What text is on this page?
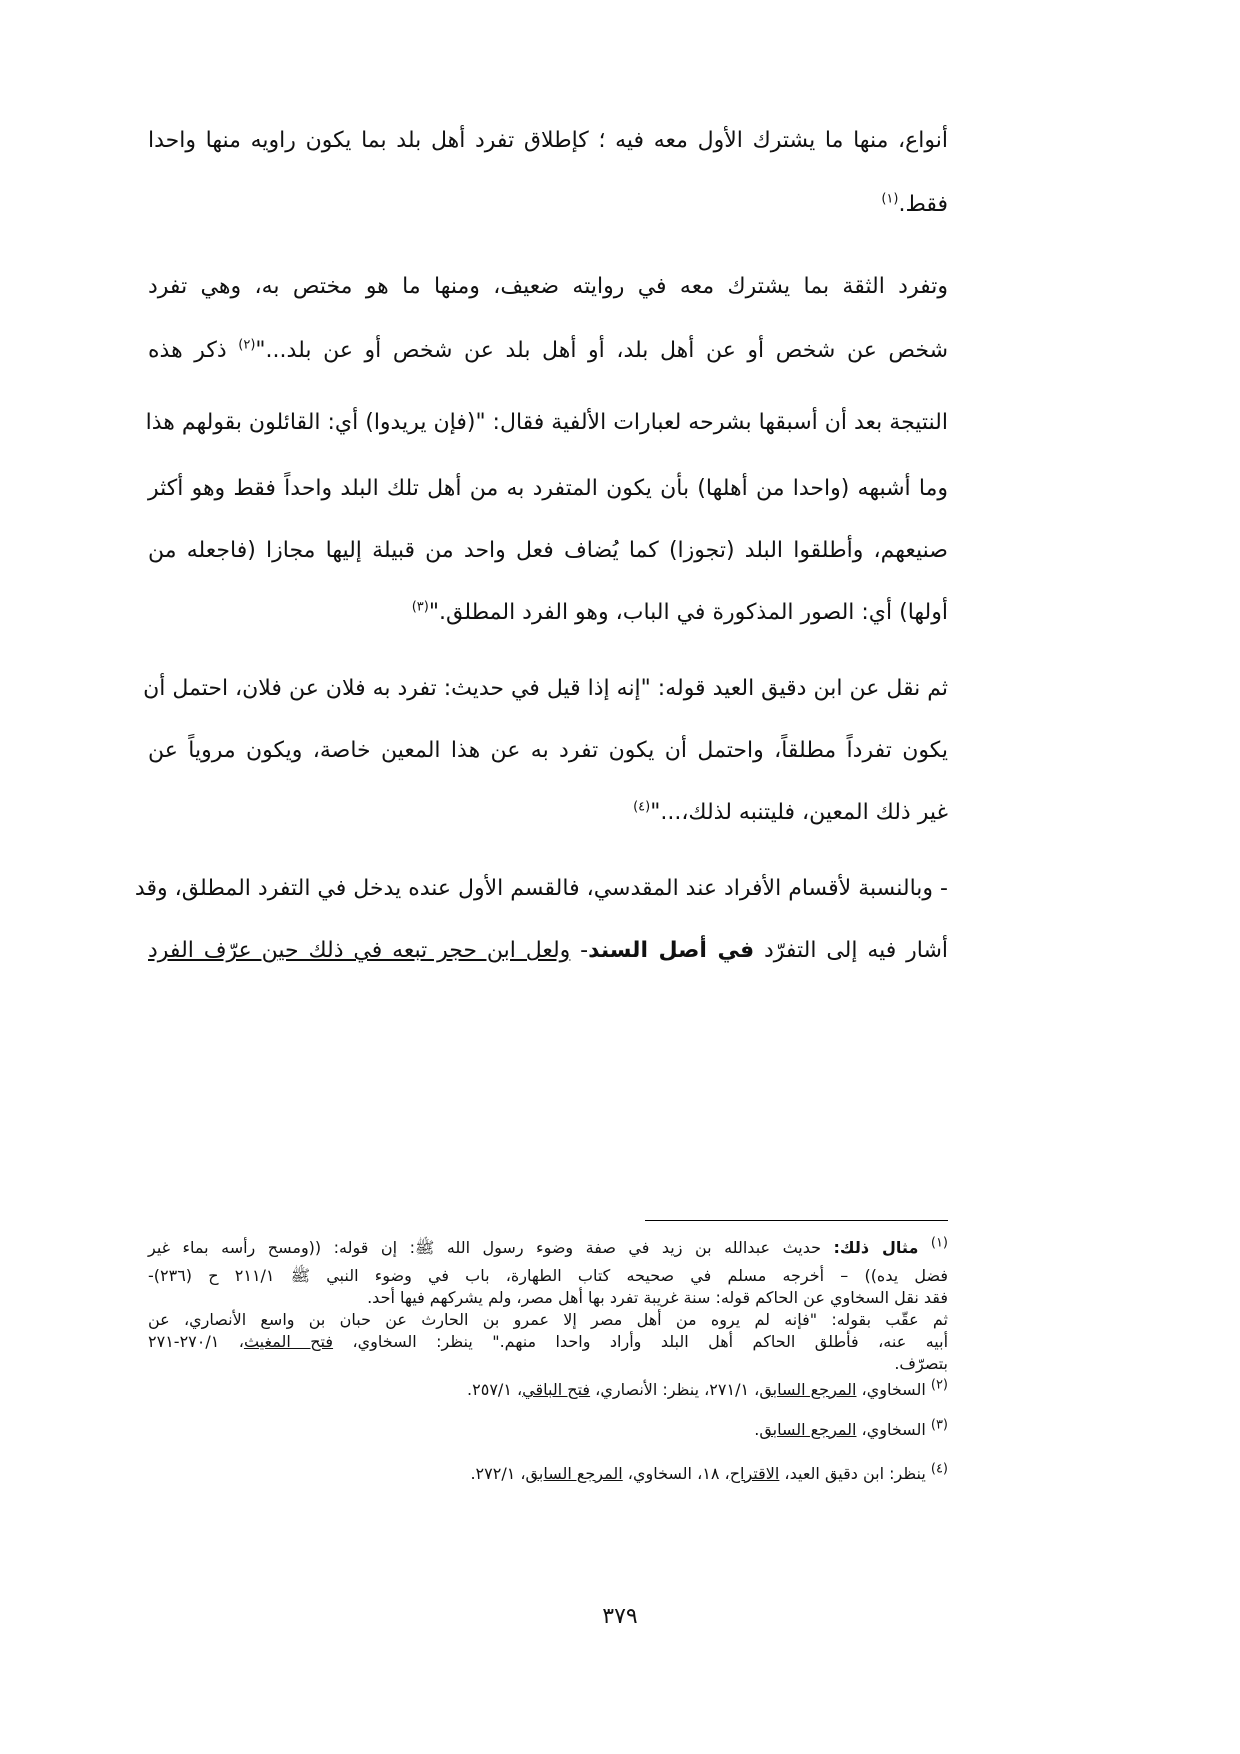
أنواع، منها ما يشترك الأول معه فيه ؛ كإطلاق تفرد أهل بلد بما يكون راويه منها واحدا
فقط.$^{(١)}$
وتفرد الثقة بما يشترك معه في روايته ضعيف، ومنها ما هو مختص به، وهي تفرد
شخص عن شخص أو عن أهل بلد، أو أهل بلد عن شخص أو عن بلد..."$^{(٢)}$ ذكر هذه
النتيجة بعد أن أسبقها بشرحه لعبارات الألفية فقال: "(فإن يريدوا) أي: القائلون بقولهم هذا
وما أشبهه (واحدا من أهلها) بأن يكون المتفرد به من أهل تلك البلد واحداً فقط وهو أكثر
صنيعهم، وأطلقوا البلد (تجوزا) كما يُضاف فعل واحد من قبيلة إليها مجازا (فاجعله من
أولها) أي: الصور المذكورة في الباب، وهو الفرد المطلق."$^{(٣)}$
ثم نقل عن ابن دقيق العيد قوله: "إنه إذا قيل في حديث: تفرد به فلان عن فلان، احتمل أن
يكون تفرداً مطلقاً، واحتمل أن يكون تفرد به عن هذا المعين خاصة، ويكون مروياً عن
غير ذلك المعين، فليتنبه لذلك،..."$^{(٤)}$
- وبالنسبة لأقسام الأفراد عند المقدسي، فالقسم الأول عنده يدخل في التفرد المطلق، وقد
أشار فيه إلى التفرّد في أصل السند- ولعل ابن حجر تبعه في ذلك حين عرّف الفرد
$^{(١)}$ مثال ذلك: حديث عبدالله بن زيد في صفة وضوء رسول الله ﷺ: إن قوله: ((ومسح رأسه بماء غير
فضل يده)) – أخرجه مسلم في صحيحه كتاب الطهارة، باب في وضوء النبي ﷺ ٢١١/١ ح (٢٣٦)-
فقد نقل السخاوي عن الحاكم قوله: سنة غريبة تفرد بها أهل مصر، ولم يشركهم فيها أحد.
ثم عقّب بقوله: "فإنه لم يروه من أهل مصر إلا عمرو بن الحارث عن حبان بن واسع الأنصاري، عن
أبيه عنه، فأطلق الحاكم أهل البلد وأراد واحدا منهم." ينظر: السخاوي، فتح المغيث، ٢٧٠/١-٢٧١
بتصرّف.
$^{(٢)}$ السخاوي، المرجع السابق، ٢٧١/١، ينظر: الأنصاري، فتح الباقي، ٢٥٧/١.
$^{(٣)}$ السخاوي، المرجع السابق.
$^{(٤)}$ ينظر: ابن دقيق العيد، الاقتراح، ١٨، السخاوي، المرجع السابق، ٢٧٢/١.
٣٧٩
